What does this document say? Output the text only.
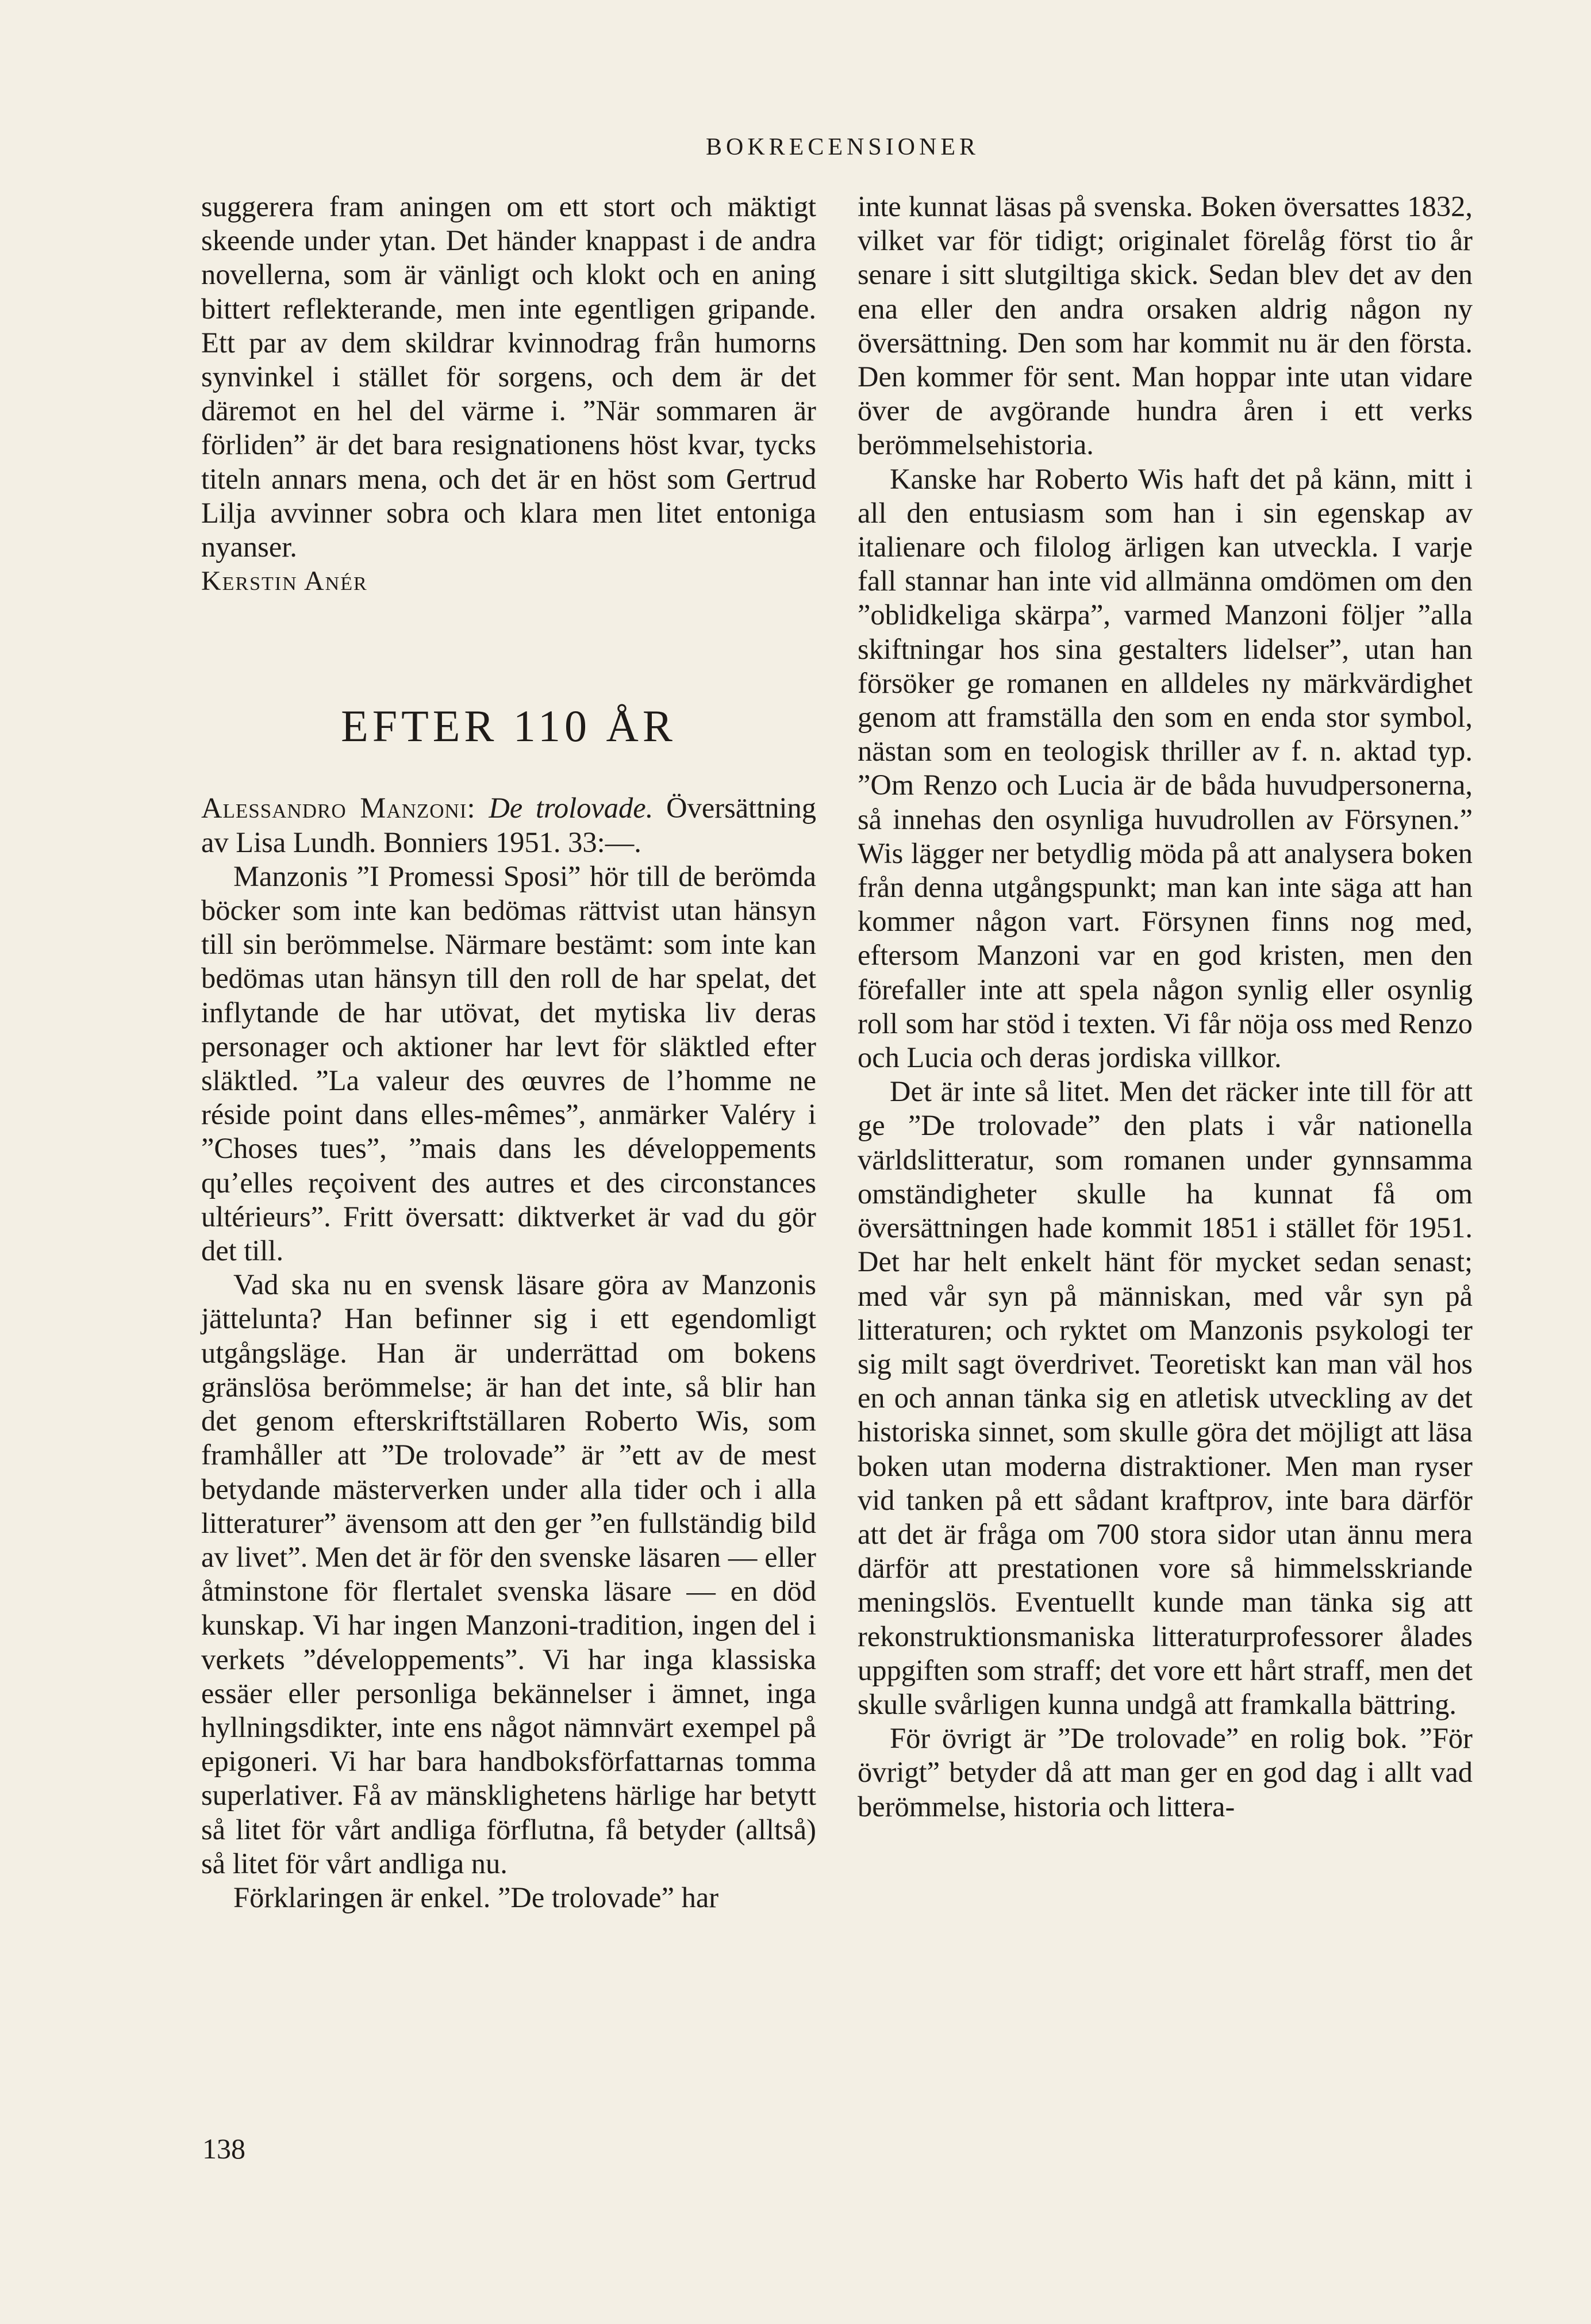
BOKRECENSIONER

suggerera fram aningen om ett stort och mäktigt skeende under ytan. Det händer knappast i de andra novellerna, som är vänligt och klokt och en aning bittert reflekterande, men inte egentligen gripande. Ett par av dem skildrar kvinnodrag från humorns synvinkel i stället för sorgens, och dem är det däremot en hel del värme i. ”När sommaren är förliden” är det bara resignationens höst kvar, tycks titeln annars mena, och det är en höst som Gertrud Lilja avvinner sobra och klara men litet entoniga nyanser.

Kerstin Anér

EFTER 110 ÅR

Alessandro Manzoni: De trolovade. Översättning av Lisa Lundh. Bonniers 1951. 33:—.

Manzonis ”I Promessi Sposi” hör till de berömda böcker som inte kan bedömas rättvist utan hänsyn till sin berömmelse. Närmare bestämt: som inte kan bedömas utan hänsyn till den roll de har spelat, det inflytande de har utövat, det mytiska liv deras personager och aktioner har levt för släktled efter släktled. ”La valeur des œuvres de l’homme ne réside point dans elles-mêmes”, anmärker Valéry i ”Choses tues”, ”mais dans les développements qu’elles reçoivent des autres et des circonstances ultérieurs”. Fritt översatt: diktverket är vad du gör det till.

Vad ska nu en svensk läsare göra av Manzonis jättelunta? Han befinner sig i ett egendomligt utgångsläge. Han är underrättad om bokens gränslösa berömmelse; är han det inte, så blir han det genom efterskriftställaren Roberto Wis, som framhåller att ”De trolovade” är ”ett av de mest betydande mästerverken under alla tider och i alla litteraturer” ävensom att den ger ”en fullständig bild av livet”. Men det är för den svenske läsaren — eller åtminstone för flertalet svenska läsare — en död kunskap. Vi har ingen Manzoni-tradition, ingen del i verkets ”développements”. Vi har inga klassiska essäer eller personliga bekännelser i ämnet, inga hyllningsdikter, inte ens något nämnvärt exempel på epigoneri. Vi har bara handboksförfattarnas tomma superlativer. Få av mänsklighetens härlige har betytt så litet för vårt andliga förflutna, få betyder (alltså) så litet för vårt andliga nu.

Förklaringen är enkel. ”De trolovade” har

inte kunnat läsas på svenska. Boken översattes 1832, vilket var för tidigt; originalet förelåg först tio år senare i sitt slutgiltiga skick. Sedan blev det av den ena eller den andra orsaken aldrig någon ny översättning. Den som har kommit nu är den första. Den kommer för sent. Man hoppar inte utan vidare över de avgörande hundra åren i ett verks berömmelsehistoria.

Kanske har Roberto Wis haft det på känn, mitt i all den entusiasm som han i sin egenskap av italienare och filolog ärligen kan utveckla. I varje fall stannar han inte vid allmänna omdömen om den ”oblidkeliga skärpa”, varmed Manzoni följer ”alla skiftningar hos sina gestalters lidelser”, utan han försöker ge romanen en alldeles ny märkvärdighet genom att framställa den som en enda stor symbol, nästan som en teologisk thriller av f. n. aktad typ. ”Om Renzo och Lucia är de båda huvudpersonerna, så innehas den osynliga huvudrollen av Försynen.” Wis lägger ner betydlig möda på att analysera boken från denna utgångspunkt; man kan inte säga att han kommer någon vart. Försynen finns nog med, eftersom Manzoni var en god kristen, men den förefaller inte att spela någon synlig eller osynlig roll som har stöd i texten. Vi får nöja oss med Renzo och Lucia och deras jordiska villkor.

Det är inte så litet. Men det räcker inte till för att ge ”De trolovade” den plats i vår nationella världslitteratur, som romanen under gynnsamma omständigheter skulle ha kunnat få om översättningen hade kommit 1851 i stället för 1951. Det har helt enkelt hänt för mycket sedan senast; med vår syn på människan, med vår syn på litteraturen; och ryktet om Manzonis psykologi ter sig milt sagt överdrivet. Teoretiskt kan man väl hos en och annan tänka sig en atletisk utveckling av det historiska sinnet, som skulle göra det möjligt att läsa boken utan moderna distraktioner. Men man ryser vid tanken på ett sådant kraftprov, inte bara därför att det är fråga om 700 stora sidor utan ännu mera därför att prestationen vore så himmelsskriande meningslös. Eventuellt kunde man tänka sig att rekonstruktionsmaniska litteraturprofessorer ålades uppgiften som straff; det vore ett hårt straff, men det skulle svårligen kunna undgå att framkalla bättring.

För övrigt är ”De trolovade” en rolig bok. ”För övrigt” betyder då att man ger en god dag i allt vad berömmelse, historia och littera-

138
